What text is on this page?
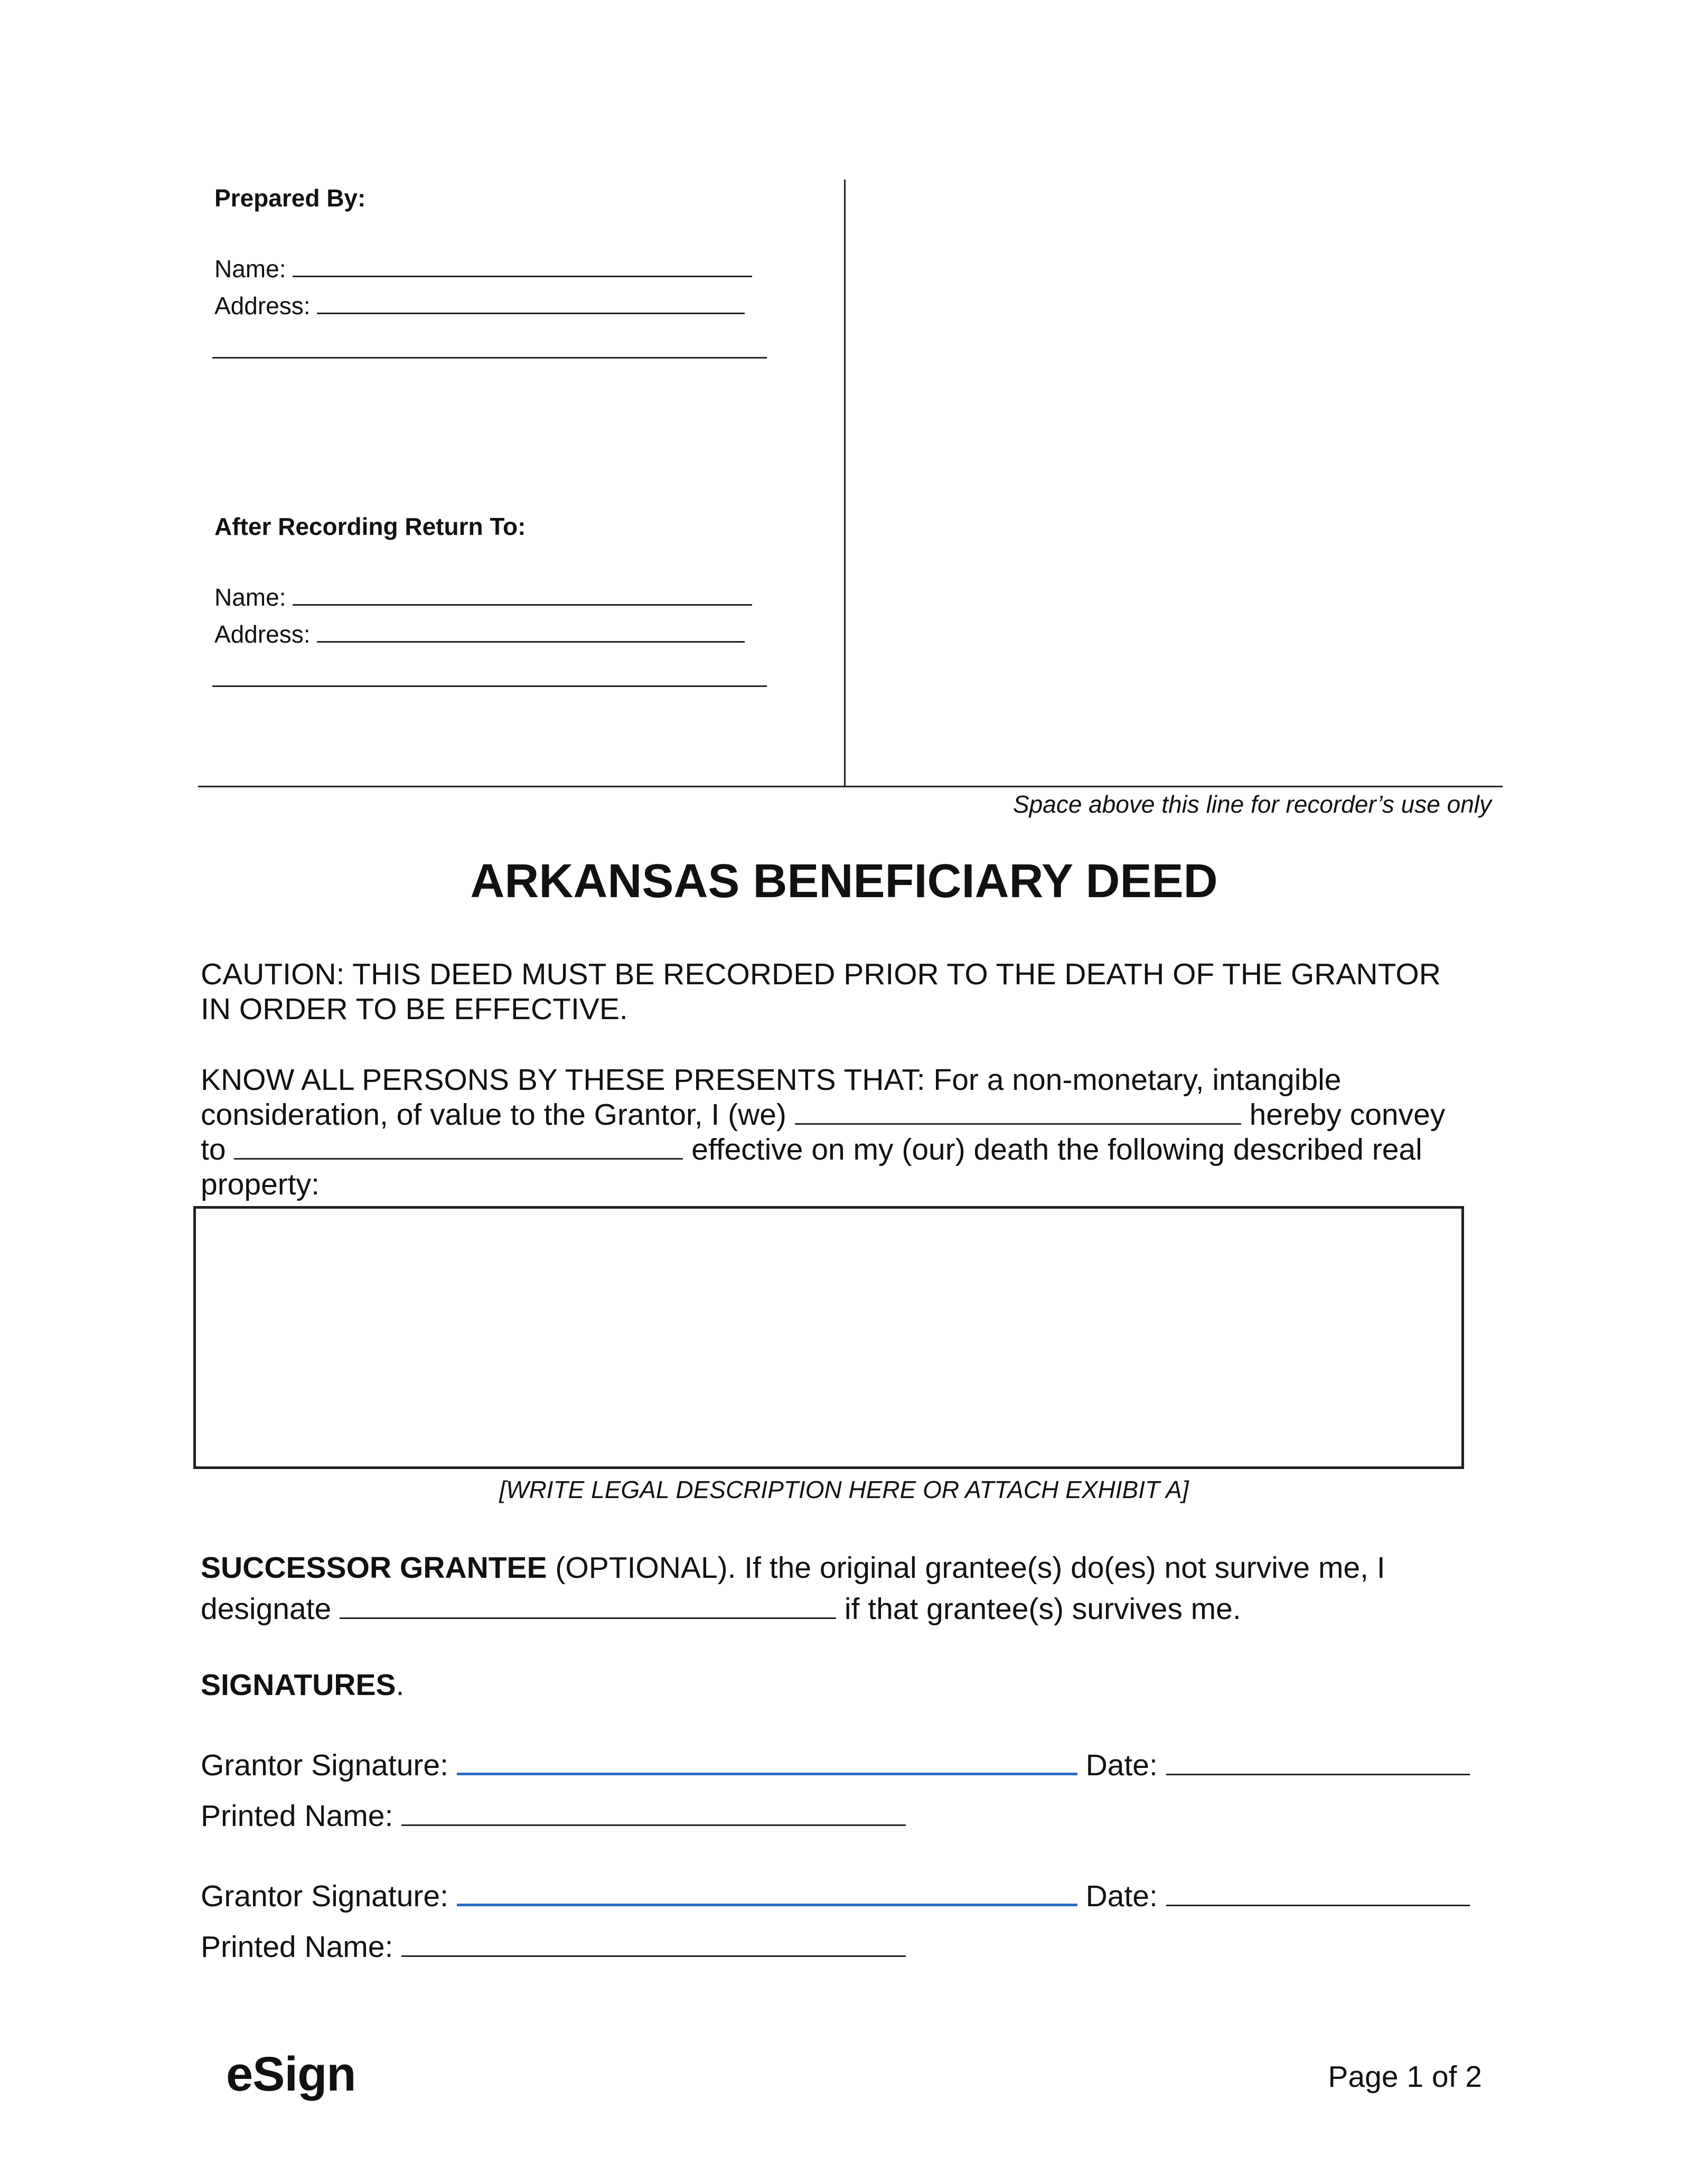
Prepared By:
Name:
Address:
After Recording Return To:
Name:
Address:
Space above this line for recorder’s use only
ARKANSAS BENEFICIARY DEED
CAUTION: THIS DEED MUST BE RECORDED PRIOR TO THE DEATH OF THE GRANTOR
IN ORDER TO BE EFFECTIVE.
KNOW ALL PERSONS BY THESE PRESENTS THAT: For a non-monetary, intangible
consideration, of value to the Grantor, I (we)	hereby convey
to	effective on my (our) death the following described real
property:
[WRITE LEGAL DESCRIPTION HERE OR ATTACH EXHIBIT A]
SUCCESSOR GRANTEE (OPTIONAL). If the original grantee(s) do(es) not survive me, I
designate	if that grantee(s) survives me.
SIGNATURES.
Grantor Signature:	Date:
Printed Name:
Grantor Signature:	Date:
Printed Name:
eSign	Page 1 of 2
